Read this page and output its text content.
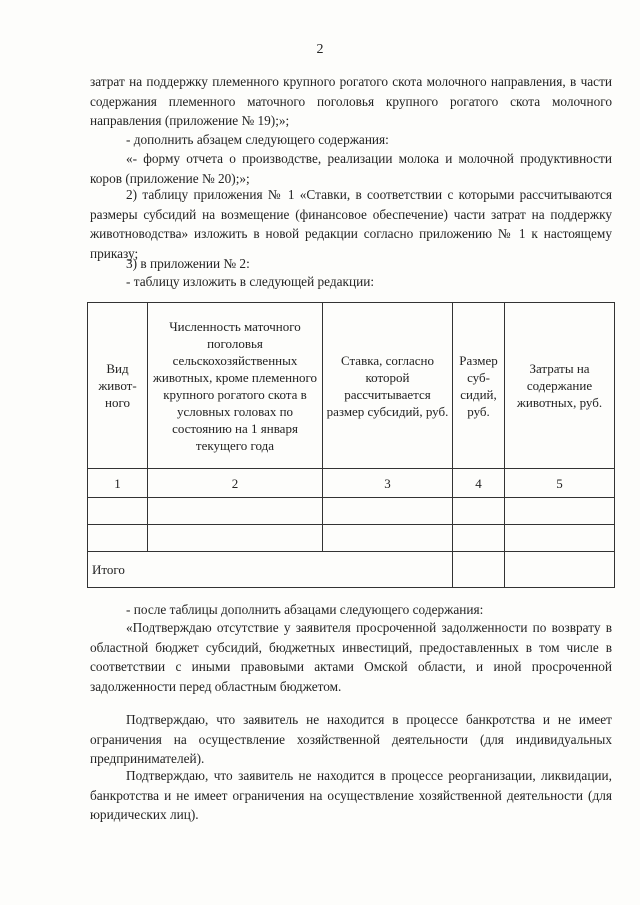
2

затрат на поддержку племенного крупного рогатого скота молочного направления, в части содержания племенного маточного поголовья крупного рогатого скота молочного направления (приложение № 19);»;

- дополнить абзацем следующего содержания:

«- форму отчета о производстве, реализации молока и молочной продуктивности коров (приложение № 20);»;

2) таблицу приложения № 1 «Ставки, в соответствии с которыми рассчитываются размеры субсидий на возмещение (финансовое обеспечение) части затрат на поддержку животноводства» изложить в новой редакции согласно приложению № 1 к настоящему приказу;

3) в приложении № 2:

- таблицу изложить в следующей редакции:

Вид живот-ного	Численность маточного поголовья сельскохозяйственных животных, кроме племенного крупного рогатого скота в условных головах по состоянию на 1 января текущего года	Ставка, согласно которой рассчитывается размер субсидий, руб.	Размер суб-сидий, руб.	Затраты на содержание животных, руб.
1	2	3	4	5

Итого				

- после таблицы дополнить абзацами следующего содержания:

«Подтверждаю отсутствие у заявителя просроченной задолженности по возврату в областной бюджет субсидий, бюджетных инвестиций, предоставленных в том числе в соответствии с иными правовыми актами Омской области, и иной просроченной задолженности перед областным бюджетом.

Подтверждаю, что заявитель не находится в процессе банкротства и не имеет ограничения на осуществление хозяйственной деятельности (для индивидуальных предпринимателей).

Подтверждаю, что заявитель не находится в процессе реорганизации, ликвидации, банкротства и не имеет ограничения на осуществление хозяйственной деятельности (для юридических лиц).
